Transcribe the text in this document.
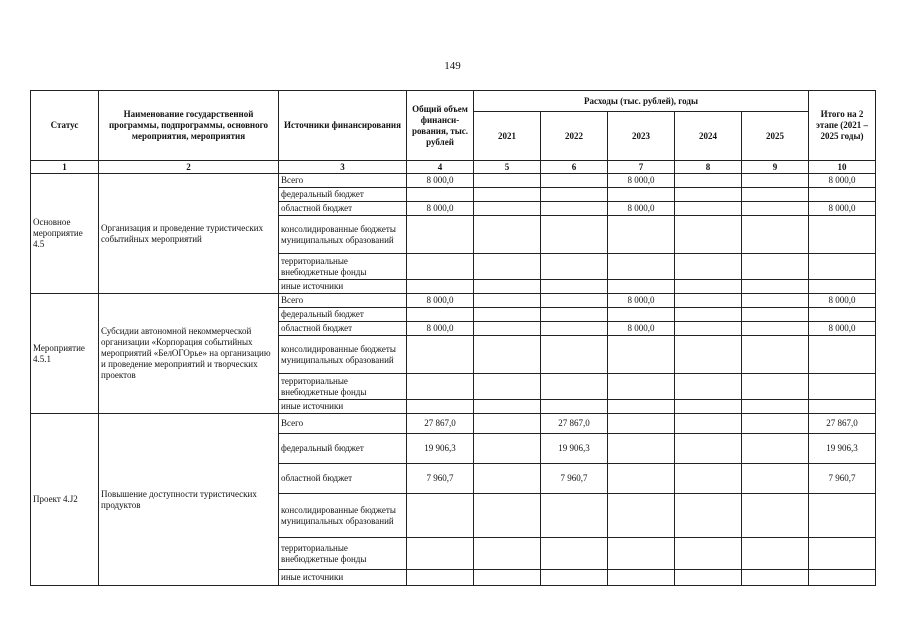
149
Статус	Наименование государственной программы, подпрограммы, основного мероприятия, мероприятия	Источники финансирования	Общий объем финанси-рования, тыс. рублей	Расходы (тыс. рублей), годы					Итого на 2 этапе (2021 – 2025 годы)
				2021	2022	2023	2024	2025	
1	2	3	4	5	6	7	8	9	10
Основное мероприятие 4.5	Организация и проведение туристических событийных мероприятий	Всего	8 000,0			8 000,0			8 000,0
		федеральный бюджет							
		областной бюджет	8 000,0			8 000,0			8 000,0
		консолидированные бюджеты муниципальных образований							
		территориальные внебюджетные фонды							
		иные источники							
Мероприятие 4.5.1	Субсидии автономной некоммерческой организации «Корпорация событийных мероприятий «БелОГОрье» на организацию и проведение мероприятий и творческих проектов	Всего	8 000,0			8 000,0			8 000,0
		федеральный бюджет							
		областной бюджет	8 000,0			8 000,0			8 000,0
		консолидированные бюджеты муниципальных образований							
		территориальные внебюджетные фонды							
		иные источники							
Проект 4.J2	Повышение доступности туристических продуктов	Всего	27 867,0		27 867,0				27 867,0
		федеральный бюджет	19 906,3		19 906,3				19 906,3
		областной бюджет	7 960,7		7 960,7				7 960,7
		консолидированные бюджеты муниципальных образований							
		территориальные внебюджетные фонды							
		иные источники							
